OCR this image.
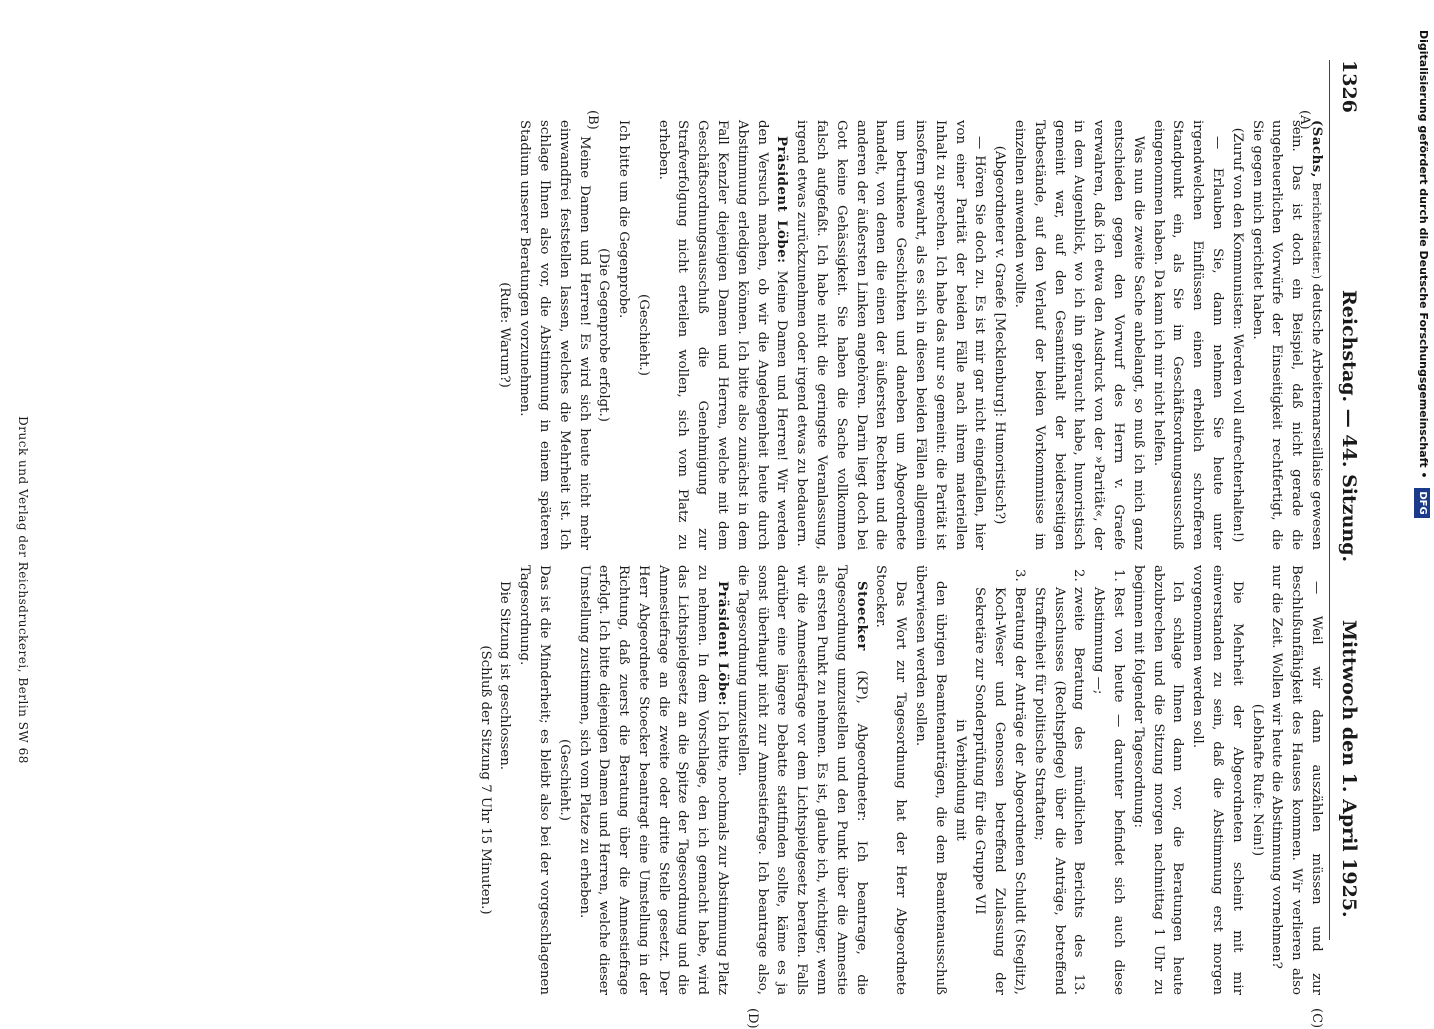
1326
Reichstag. — 44. Sitzung.
Mittwoch den 1. April 1925.
(A)
(B)
(C)
(D)

(Sachs, Berichterstatter.) deutsche Arbeitermarseillaise gewesen sein. Das ist doch ein Beispiel, daß nicht gerade die ungeheuerlichen Vorwürfe der Einseitigkeit rechtfertigt, die Sie gegen mich gerichtet haben.

(Zuruf von den Kommunisten: Werden voll aufrechterhalten!)

— Erlauben Sie, dann nehmen Sie heute unter irgendwelchen Einflüssen einen erheblich schrofferen Standpunkt ein, als Sie im Geschäftsordnungsausschuß eingenommen haben. Da kann ich mir nicht helfen.

Was nun die zweite Sache anbelangt, so muß ich mich ganz entschieden gegen den Vorwurf des Herrn v. Graefe verwahren, daß ich etwa den Ausdruck von der »Parität«, der in dem Augenblick, wo ich ihn gebraucht habe, humoristisch gemeint war, auf den Gesamtinhalt der beiderseitigen Tatbestände, auf den Verlauf der beiden Vorkommnisse im einzelnen anwenden wollte.

(Abgeordneter v. Graefe [Mecklenburg]: Humoristisch?)

— Hören Sie doch zu. Es ist mir gar nicht eingefallen, hier von einer Parität der beiden Fälle nach ihrem materiellen Inhalt zu sprechen. Ich habe das nur so gemeint: die Parität ist insofern gewahrt, als es sich in diesen beiden Fällen allgemein um betrunkene Geschichten und daneben um Abgeordnete handelt, von denen die einen der äußersten Rechten und die anderen der äußersten Linken angehören. Darin liegt doch bei Gott keine Gehässigkeit. Sie haben die Sache vollkommen falsch aufgefaßt. Ich habe nicht die geringste Veranlassung, irgend etwas zurückzunehmen oder irgend etwas zu bedauern.

Präsident Löbe: Meine Damen und Herren! Wir werden den Versuch machen, ob wir die Angelegenheit heute durch Abstimmung erledigen können. Ich bitte also zunächst in dem Fall Kenzler diejenigen Damen und Herren, welche mit dem Geschäftsordnungsausschuß die Genehmigung zur Strafverfolgung nicht erteilen wollen, sich vom Platz zu erheben.

(Geschieht.)

Ich bitte um die Gegenprobe.

(Die Gegenprobe erfolgt.)

Meine Damen und Herren! Es wird sich heute nicht mehr einwandfrei feststellen lassen, welches die Mehrheit ist. Ich schlage Ihnen also vor, die Abstimmung in einem späteren Stadium unserer Beratungen vorzunehmen.

(Rufe: Warum?)

— Weil wir dann auszählen müssen und zur Beschlußunfähigkeit des Hauses kommen. Wir verlieren also nur die Zeit. Wollen wir heute die Abstimmung vornehmen?

(Lebhafte Rufe: Nein!)

Die Mehrheit der Abgeordneten scheint mit mir einverstanden zu sein, daß die Abstimmung erst morgen vorgenommen werden soll.

Ich schlage Ihnen dann vor, die Beratungen heute abzubrechen und die Sitzung morgen nachmittag 1 Uhr zu beginnen mit folgender Tagesordnung:

1.
Rest von heute — darunter befindet sich auch diese Abstimmung —;

2.
zweite Beratung des mündlichen Berichts des 13. Ausschusses (Rechtspflege) über die Anträge, betreffend Straffreiheit für politische Straftaten;

3.
Beratung der Anträge der Abgeordneten Schuldt (Steglitz), Koch-Weser und Genossen betreffend Zulassung der Sekretäre zur Sonderprüfung für die Gruppe VII

in Verbindung mit

den übrigen Beamtenanträgen, die dem Beamtenausschuß überwiesen werden sollen.

Das Wort zur Tagesordnung hat der Herr Abgeordnete Stoecker.

Stoecker (KP), Abgeordneter: Ich beantrage, die Tagesordnung umzustellen und den Punkt über die Amnestie als ersten Punkt zu nehmen. Es ist, glaube ich, wichtiger, wenn wir die Amnestiefrage vor dem Lichtspielgesetz beraten. Falls darüber eine längere Debatte stattfinden sollte, käme es ja sonst überhaupt nicht zur Amnestiefrage. Ich beantrage also, die Tagesordnung umzustellen.

Präsident Löbe: Ich bitte, nochmals zur Abstimmung Platz zu nehmen. In dem Vorschlage, den ich gemacht habe, wird das Lichtspielgesetz an die Spitze der Tagesordnung und die Amnestiefrage an die zweite oder dritte Stelle gesetzt. Der Herr Abgeordnete Stoecker beantragt eine Umstellung in der Richtung, daß zuerst die Beratung über die Amnestiefrage erfolgt. Ich bitte diejenigen Damen und Herren, welche dieser Umstellung zustimmen, sich vom Platze zu erheben.

(Geschieht.)

Das ist die Minderheit; es bleibt also bei der vorgeschlagenen Tagesordnung.

Die Sitzung ist geschlossen.

(Schluß der Sitzung 7 Uhr 15 Minuten.)

Druck und Verlag der Reichsdruckerei, Berlin SW 68
Digitalisierung gefördert durch die Deutsche Forschungsgemeinschaft • DFG
